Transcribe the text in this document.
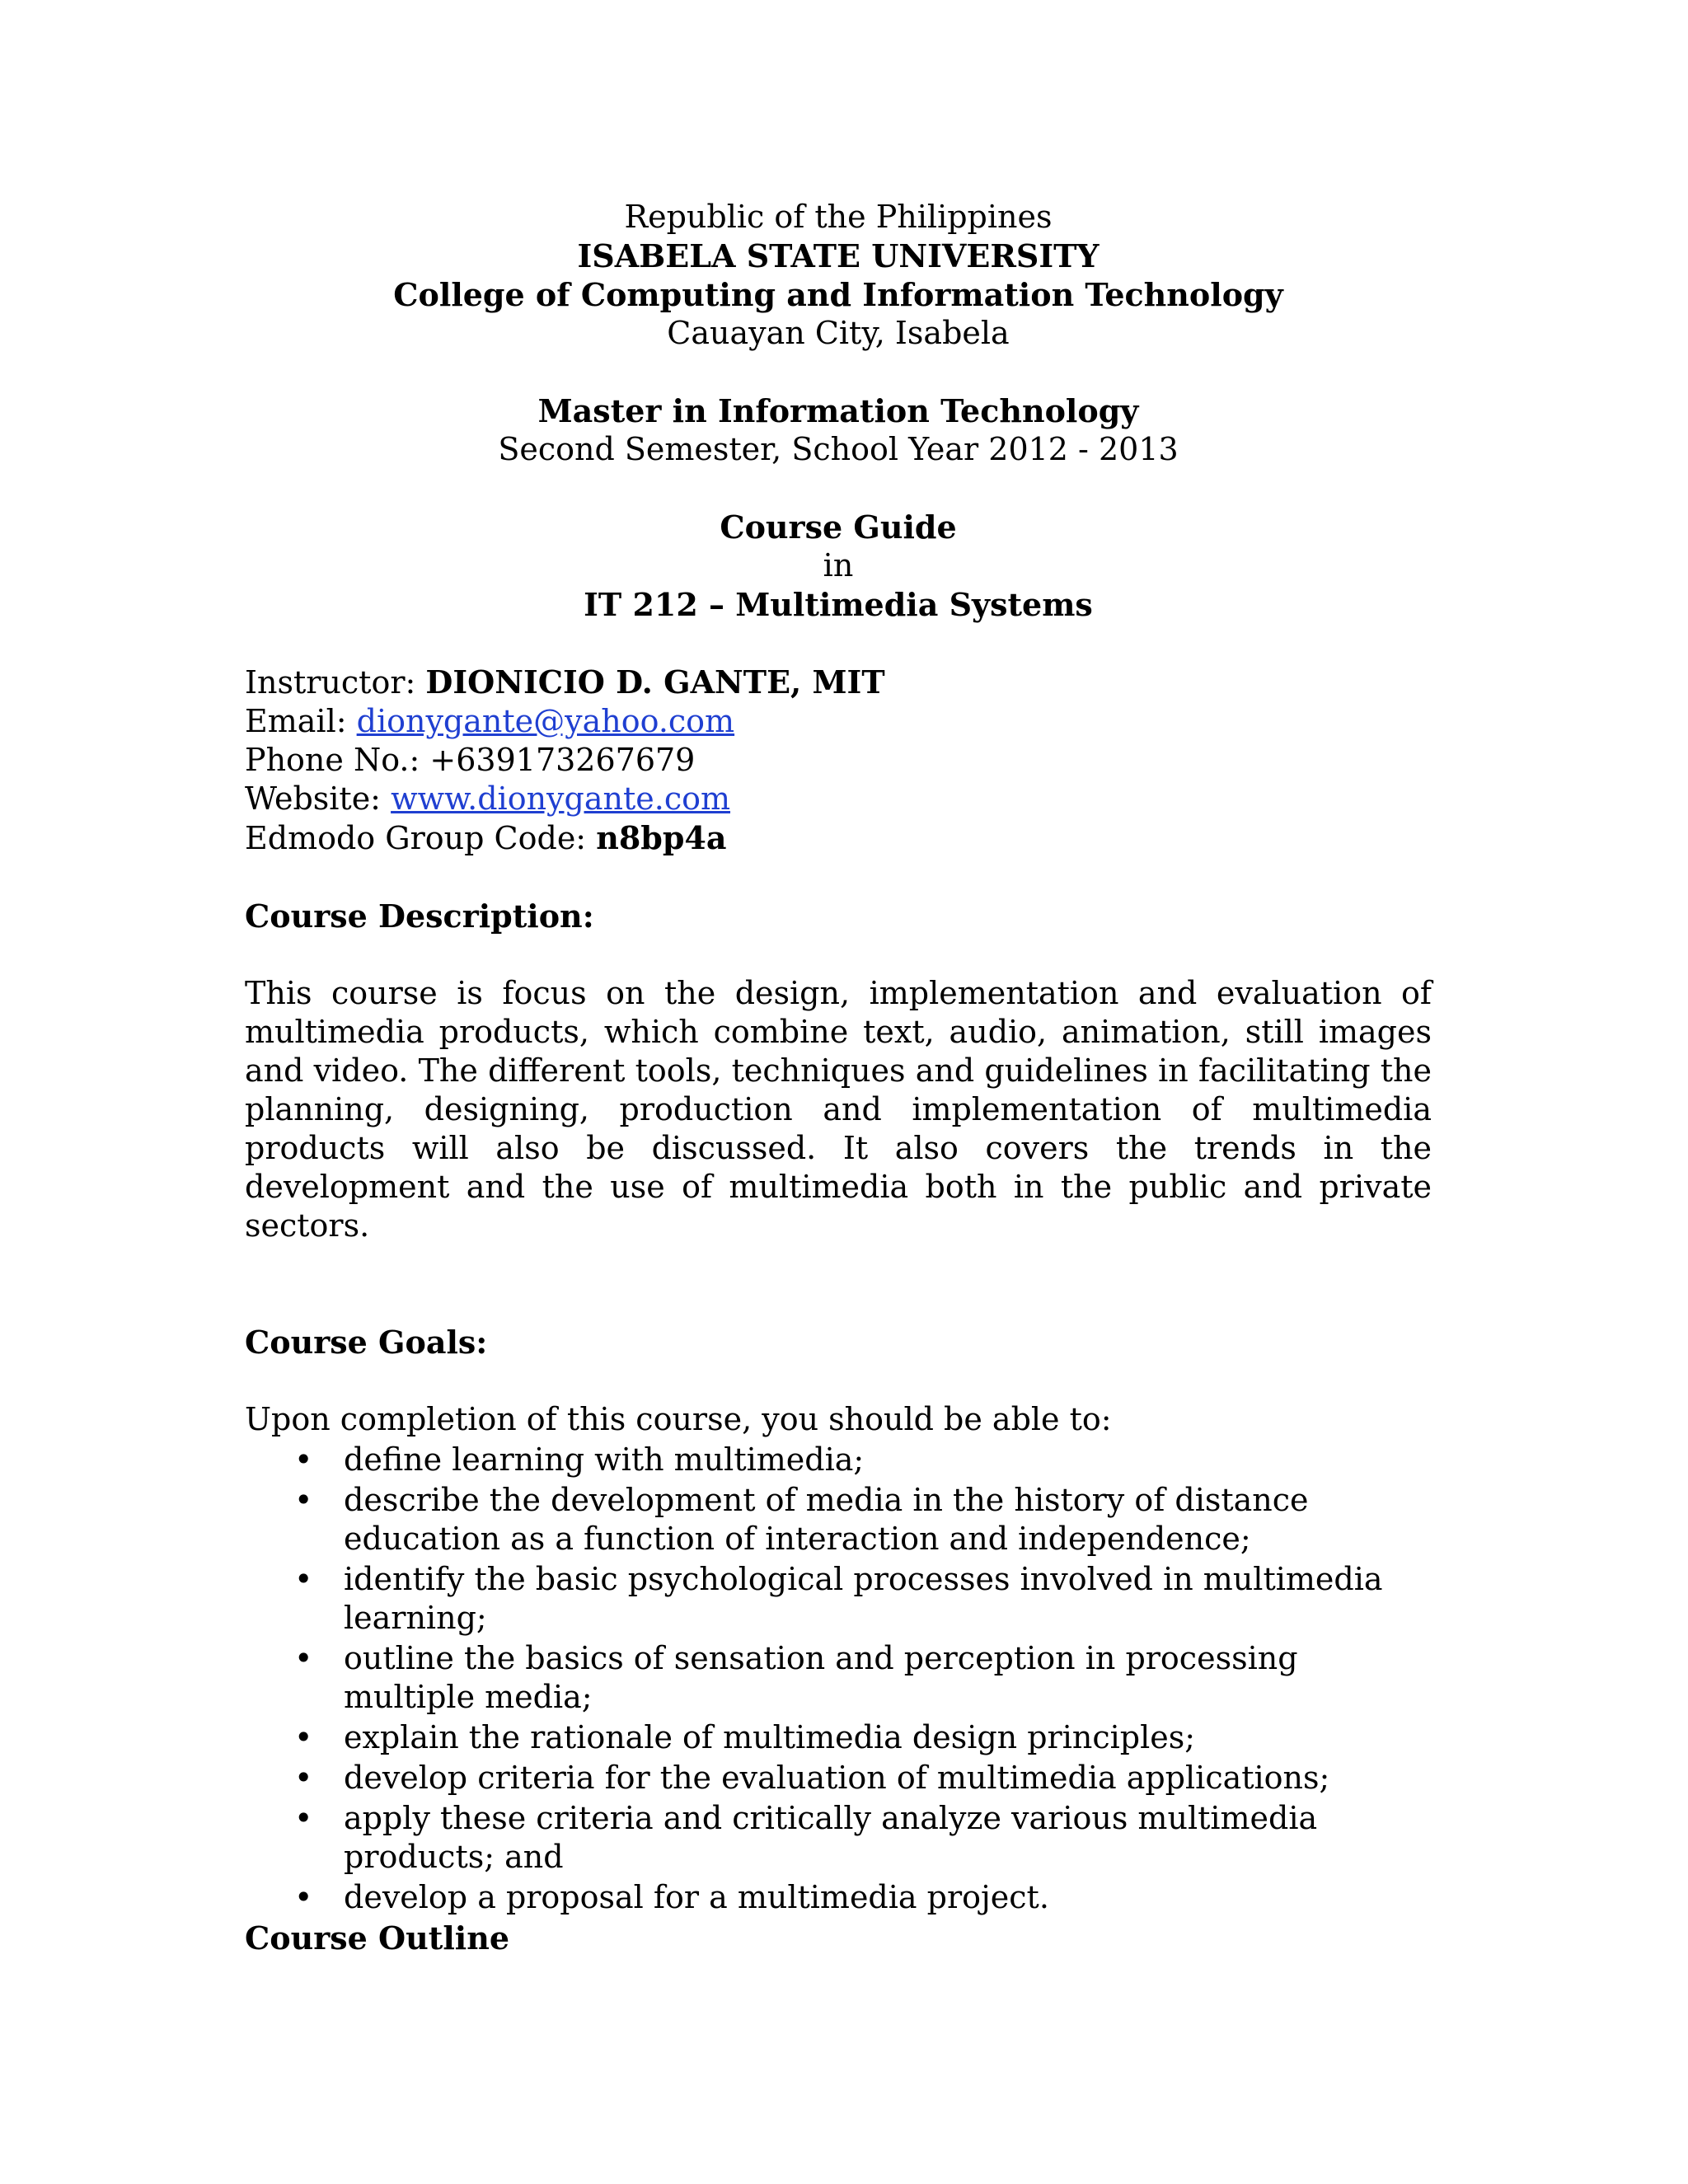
Republic of the Philippines
ISABELA STATE UNIVERSITY
College of Computing and Information Technology
Cauayan City, Isabela
Master in Information Technology
Second Semester, School Year 2012 - 2013
Course Guide
in
IT 212 – Multimedia Systems
Instructor: DIONICIO D. GANTE, MIT
Email: dionygante@yahoo.com
Phone No.: +639173267679
Website: www.dionygante.com
Edmodo Group Code: n8bp4a
Course Description:

This course is focus on the design, implementation and evaluation of multimedia products, which combine text, audio, animation, still images and video. The different tools, techniques and guidelines in facilitating the planning, designing, production and implementation of multimedia products will also be discussed. It also covers the trends in the development and the use of multimedia both in the public and private sectors.

Course Goals:
Upon completion of this course, you should be able to:
• define learning with multimedia;
• describe the development of media in the history of distance education as a function of interaction and independence;
• identify the basic psychological processes involved in multimedia learning;
• outline the basics of sensation and perception in processing multiple media;
• explain the rationale of multimedia design principles;
• develop criteria for the evaluation of multimedia applications;
• apply these criteria and critically analyze various multimedia products; and
• develop a proposal for a multimedia project.
Course Outline
